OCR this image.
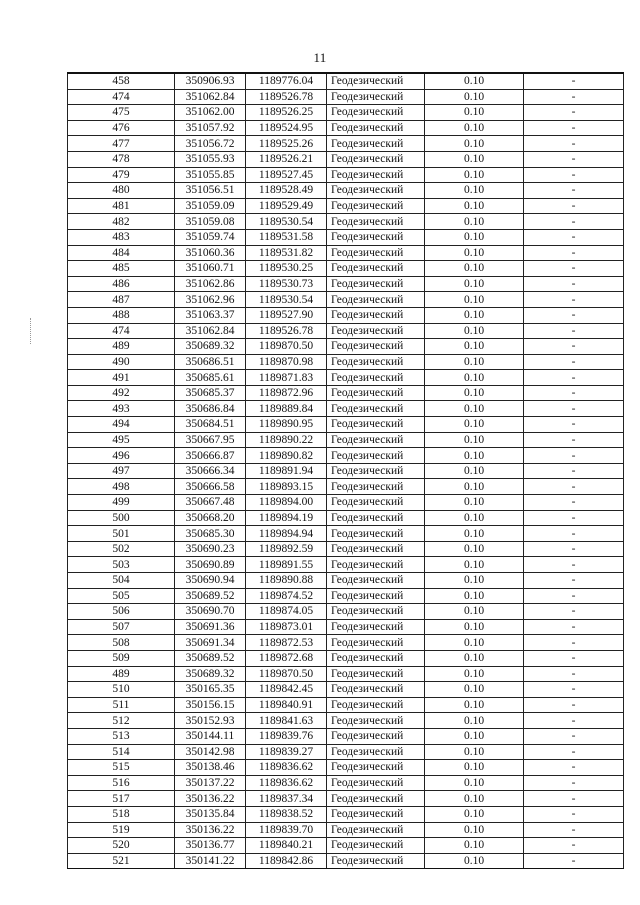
11
458	350906.93	1189776.04	Геодезический	0.10	-
474	351062.84	1189526.78	Геодезический	0.10	-
475	351062.00	1189526.25	Геодезический	0.10	-
476	351057.92	1189524.95	Геодезический	0.10	-
477	351056.72	1189525.26	Геодезический	0.10	-
478	351055.93	1189526.21	Геодезический	0.10	-
479	351055.85	1189527.45	Геодезический	0.10	-
480	351056.51	1189528.49	Геодезический	0.10	-
481	351059.09	1189529.49	Геодезический	0.10	-
482	351059.08	1189530.54	Геодезический	0.10	-
483	351059.74	1189531.58	Геодезический	0.10	-
484	351060.36	1189531.82	Геодезический	0.10	-
485	351060.71	1189530.25	Геодезический	0.10	-
486	351062.86	1189530.73	Геодезический	0.10	-
487	351062.96	1189530.54	Геодезический	0.10	-
488	351063.37	1189527.90	Геодезический	0.10	-
474	351062.84	1189526.78	Геодезический	0.10	-
489	350689.32	1189870.50	Геодезический	0.10	-
490	350686.51	1189870.98	Геодезический	0.10	-
491	350685.61	1189871.83	Геодезический	0.10	-
492	350685.37	1189872.96	Геодезический	0.10	-
493	350686.84	1189889.84	Геодезический	0.10	-
494	350684.51	1189890.95	Геодезический	0.10	-
495	350667.95	1189890.22	Геодезический	0.10	-
496	350666.87	1189890.82	Геодезический	0.10	-
497	350666.34	1189891.94	Геодезический	0.10	-
498	350666.58	1189893.15	Геодезический	0.10	-
499	350667.48	1189894.00	Геодезический	0.10	-
500	350668.20	1189894.19	Геодезический	0.10	-
501	350685.30	1189894.94	Геодезический	0.10	-
502	350690.23	1189892.59	Геодезический	0.10	-
503	350690.89	1189891.55	Геодезический	0.10	-
504	350690.94	1189890.88	Геодезический	0.10	-
505	350689.52	1189874.52	Геодезический	0.10	-
506	350690.70	1189874.05	Геодезический	0.10	-
507	350691.36	1189873.01	Геодезический	0.10	-
508	350691.34	1189872.53	Геодезический	0.10	-
509	350689.52	1189872.68	Геодезический	0.10	-
489	350689.32	1189870.50	Геодезический	0.10	-
510	350165.35	1189842.45	Геодезический	0.10	-
511	350156.15	1189840.91	Геодезический	0.10	-
512	350152.93	1189841.63	Геодезический	0.10	-
513	350144.11	1189839.76	Геодезический	0.10	-
514	350142.98	1189839.27	Геодезический	0.10	-
515	350138.46	1189836.62	Геодезический	0.10	-
516	350137.22	1189836.62	Геодезический	0.10	-
517	350136.22	1189837.34	Геодезический	0.10	-
518	350135.84	1189838.52	Геодезический	0.10	-
519	350136.22	1189839.70	Геодезический	0.10	-
520	350136.77	1189840.21	Геодезический	0.10	-
521	350141.22	1189842.86	Геодезический	0.10	-
